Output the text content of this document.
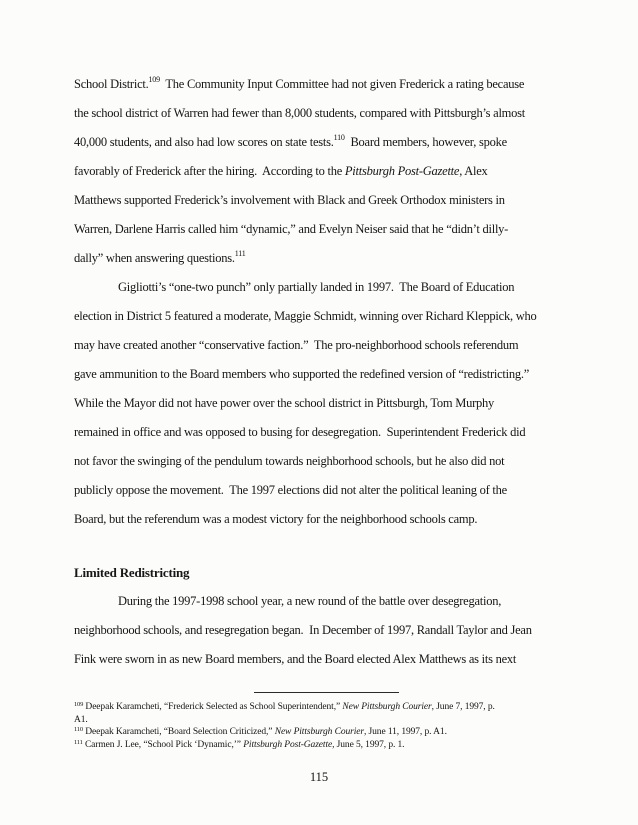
School District.$^{109}$  The Community Input Committee had not given Frederick a rating because
the school district of Warren had fewer than 8,000 students, compared with Pittsburgh’s almost
40,000 students, and also had low scores on state tests.$^{110}$  Board members, however, spoke
favorably of Frederick after the hiring.  According to the Pittsburgh Post-Gazette, Alex
Matthews supported Frederick’s involvement with Black and Greek Orthodox ministers in
Warren, Darlene Harris called him “dynamic,” and Evelyn Neiser said that he “didn’t dilly-
dally” when answering questions.$^{111}$
Gigliotti’s “one-two punch” only partially landed in 1997.  The Board of Education
election in District 5 featured a moderate, Maggie Schmidt, winning over Richard Kleppick, who
may have created another “conservative faction.”  The pro-neighborhood schools referendum
gave ammunition to the Board members who supported the redefined version of “redistricting.”
While the Mayor did not have power over the school district in Pittsburgh, Tom Murphy
remained in office and was opposed to busing for desegregation.  Superintendent Frederick did
not favor the swinging of the pendulum towards neighborhood schools, but he also did not
publicly oppose the movement.  The 1997 elections did not alter the political leaning of the
Board, but the referendum was a modest victory for the neighborhood schools camp.
Limited Redistricting
During the 1997-1998 school year, a new round of the battle over desegregation,
neighborhood schools, and resegregation began.  In December of 1997, Randall Taylor and Jean
Fink were sworn in as new Board members, and the Board elected Alex Matthews as its next
$^{109}$ Deepak Karamcheti, “Frederick Selected as School Superintendent,” New Pittsburgh Courier, June 7, 1997, p.
A1.
$^{110}$ Deepak Karamcheti, “Board Selection Criticized,” New Pittsburgh Courier, June 11, 1997, p. A1.
$^{111}$ Carmen J. Lee, “School Pick ‘Dynamic,’” Pittsburgh Post-Gazette, June 5, 1997, p. 1.
115
